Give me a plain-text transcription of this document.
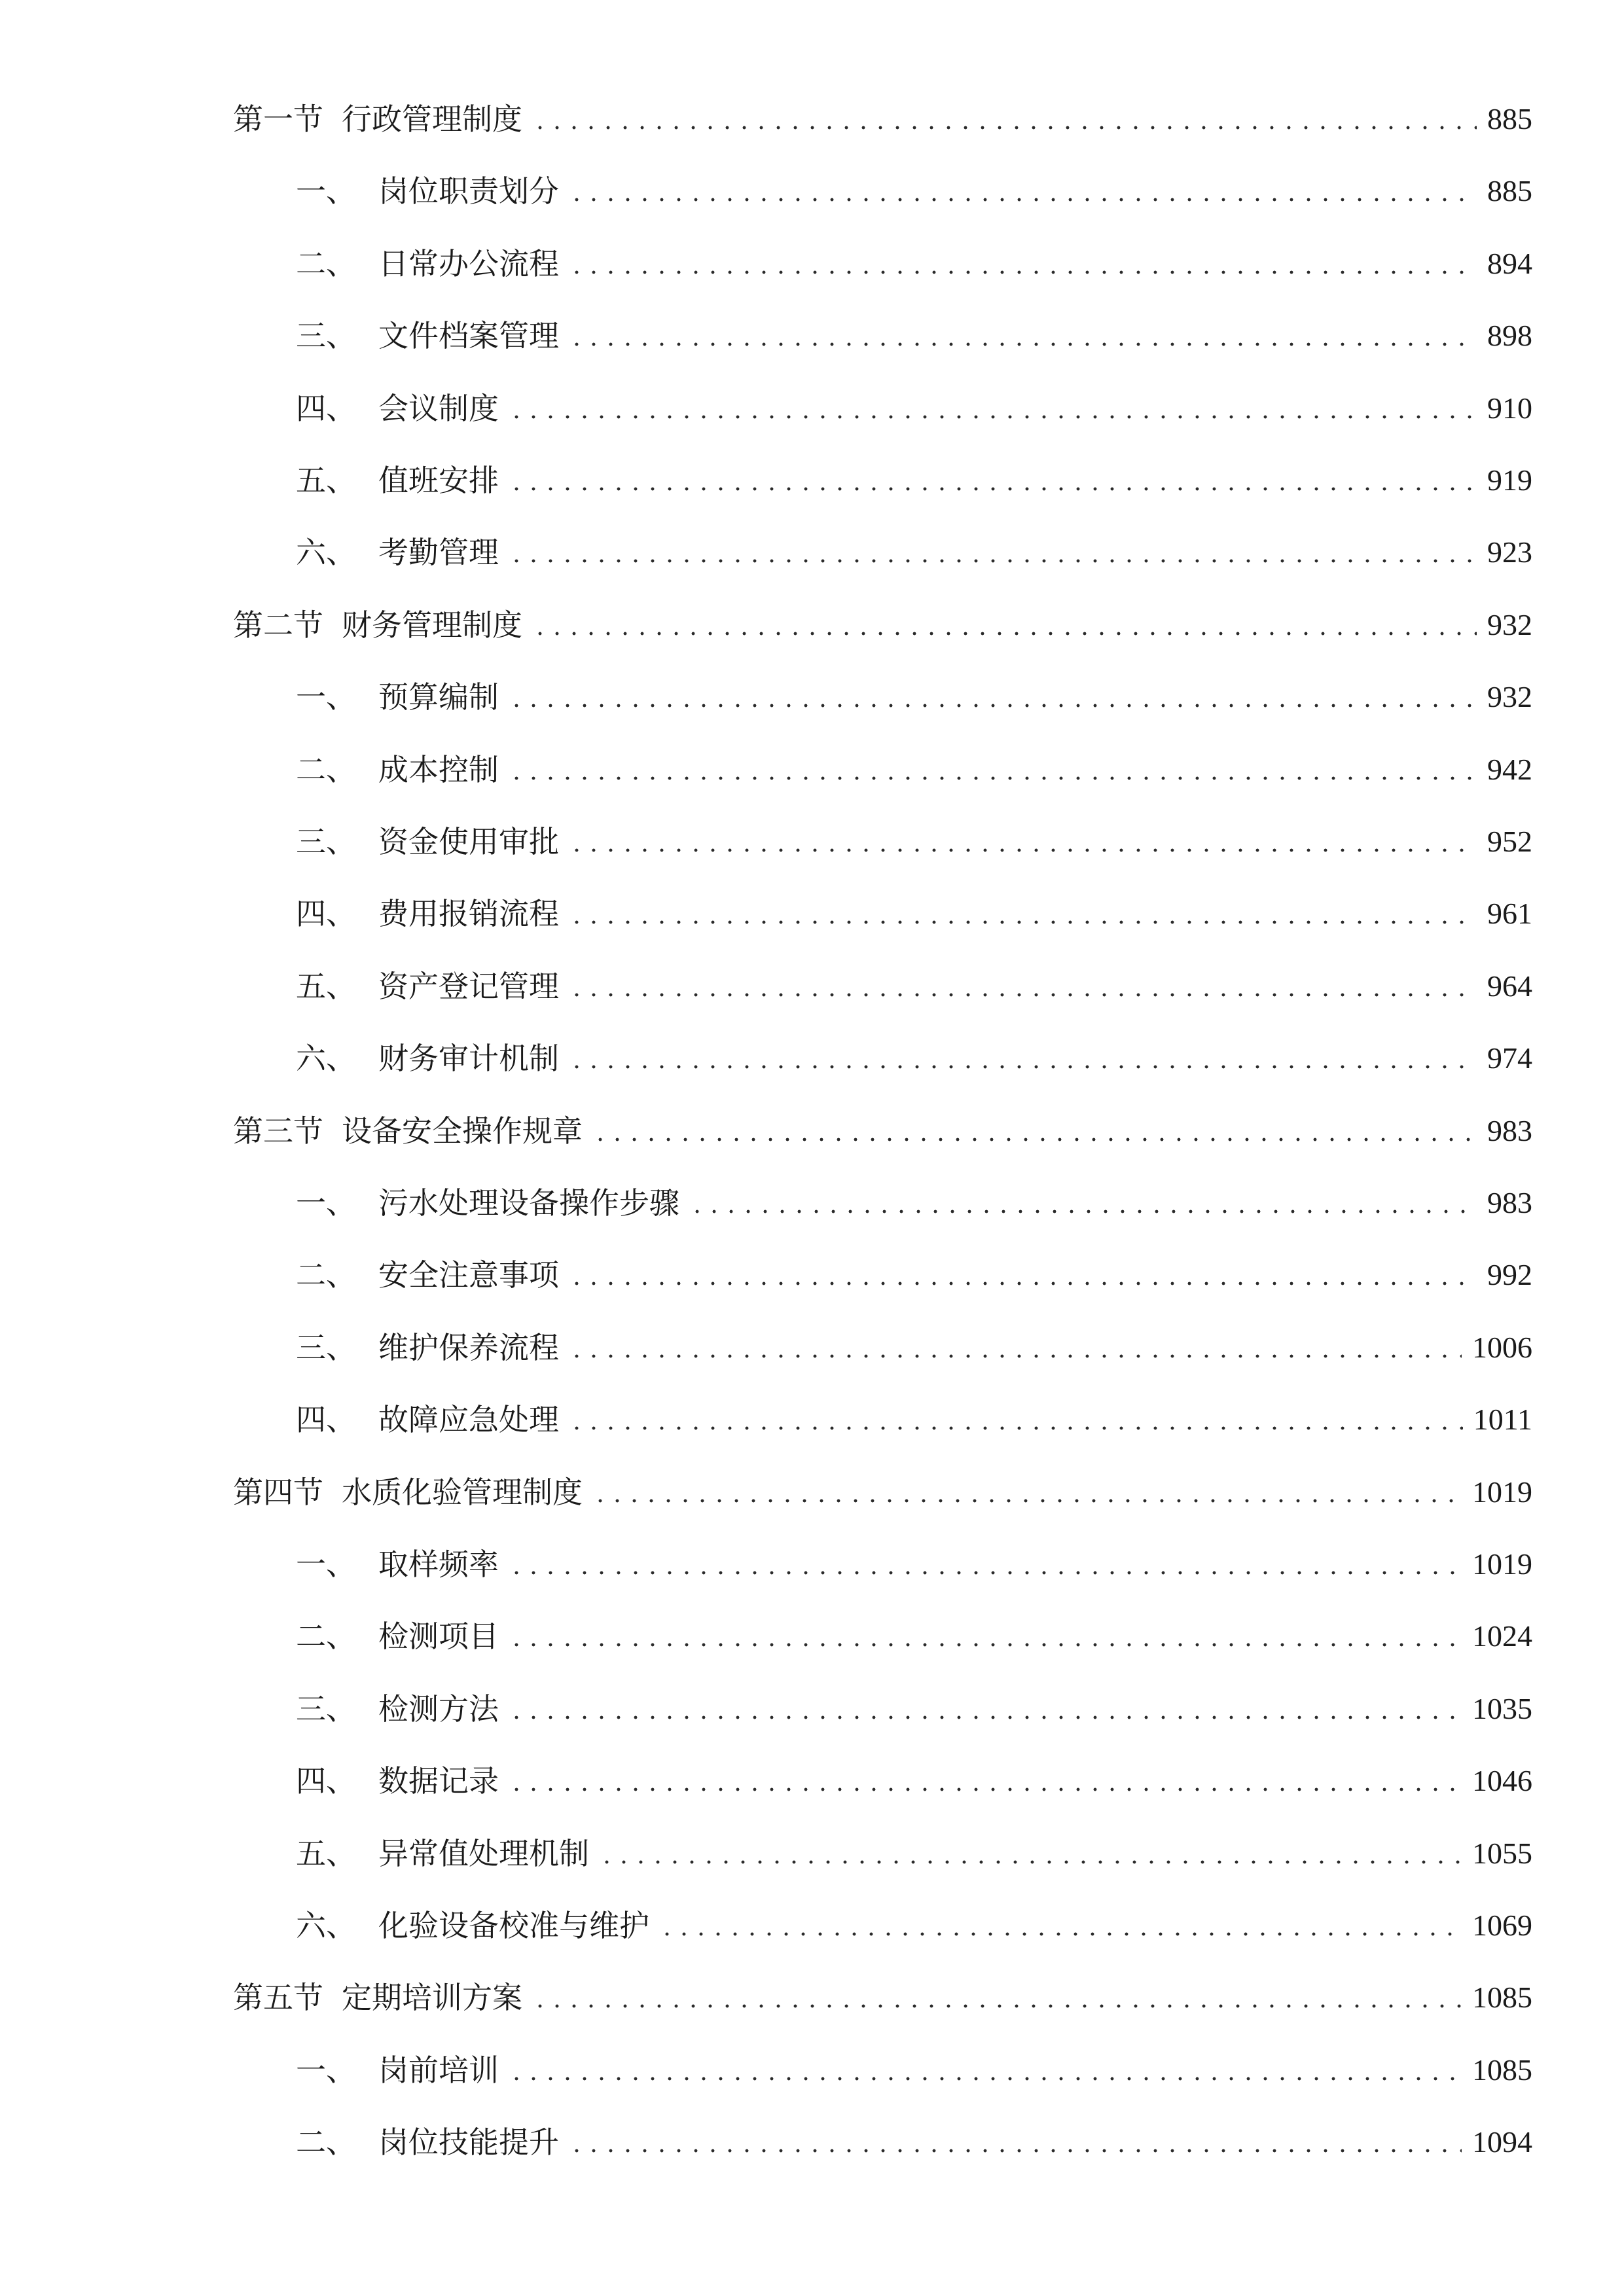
第一节 行政管理制度	885
一、 岗位职责划分	885
二、 日常办公流程	894
三、 文件档案管理	898
四、 会议制度	910
五、 值班安排	919
六、 考勤管理	923
第二节 财务管理制度	932
一、 预算编制	932
二、 成本控制	942
三、 资金使用审批	952
四、 费用报销流程	961
五、 资产登记管理	964
六、 财务审计机制	974
第三节 设备安全操作规章	983
一、 污水处理设备操作步骤	983
二、 安全注意事项	992
三、 维护保养流程	1006
四、 故障应急处理	1011
第四节 水质化验管理制度	1019
一、 取样频率	1019
二、 检测项目	1024
三、 检测方法	1035
四、 数据记录	1046
五、 异常值处理机制	1055
六、 化验设备校准与维护	1069
第五节 定期培训方案	1085
一、 岗前培训	1085
二、 岗位技能提升	1094
